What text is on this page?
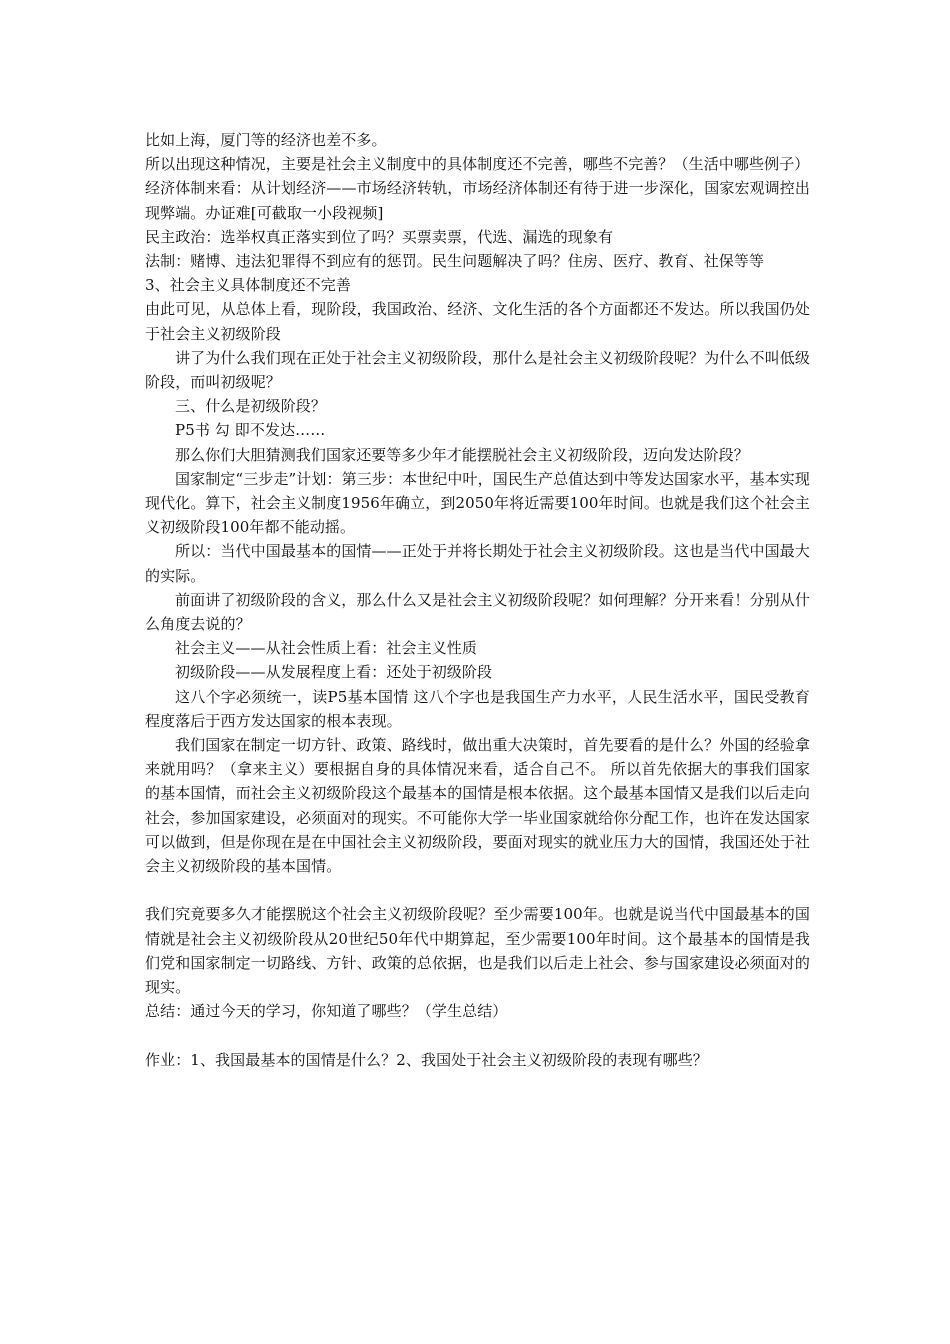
比如上海，厦门等的经济也差不多。

所以出现这种情况，主要是社会主义制度中的具体制度还不完善，哪些不完善？（生活中哪些例子）

经济体制来看：从计划经济——市场经济转轨，市场经济体制还有待于进一步深化，国家宏观调控出现弊端。办证难[可截取一小段视频]

民主政治：选举权真正落实到位了吗？买票卖票，代选、漏选的现象有

法制：赌博、违法犯罪得不到应有的惩罚。民生问题解决了吗？住房、医疗、教育、社保等等

3、社会主义具体制度还不完善

由此可见，从总体上看，现阶段，我国政治、经济、文化生活的各个方面都还不发达。所以我国仍处于社会主义初级阶段

讲了为什么我们现在正处于社会主义初级阶段，那什么是社会主义初级阶段呢？为什么不叫低级阶段，而叫初级呢？

三、什么是初级阶段？

P5书 勾 即不发达……

那么你们大胆猜测我们国家还要等多少年才能摆脱社会主义初级阶段，迈向发达阶段？

国家制定“三步走”计划：第三步：本世纪中叶，国民生产总值达到中等发达国家水平，基本实现现代化。算下，社会主义制度1956年确立，到2050年将近需要100年时间。也就是我们这个社会主义初级阶段100年都不能动摇。

所以：当代中国最基本的国情——正处于并将长期处于社会主义初级阶段。这也是当代中国最大的实际。

前面讲了初级阶段的含义，那么什么又是社会主义初级阶段呢？如何理解？分开来看！分别从什么角度去说的？

社会主义——从社会性质上看：社会主义性质

初级阶段——从发展程度上看：还处于初级阶段

这八个字必须统一，读P5基本国情 这八个字也是我国生产力水平，人民生活水平，国民受教育程度落后于西方发达国家的根本表现。

我们国家在制定一切方针、政策、路线时，做出重大决策时，首先要看的是什么？外国的经验拿来就用吗？（拿来主义）要根据自身的具体情况来看，适合自己不。 所以首先依据大的事我们国家的基本国情，而社会主义初级阶段这个最基本的国情是根本依据。这个最基本国情又是我们以后走向社会，参加国家建设，必须面对的现实。不可能你大学一毕业国家就给你分配工作，也许在发达国家可以做到，但是你现在是在中国社会主义初级阶段，要面对现实的就业压力大的国情，我国还处于社会主义初级阶段的基本国情。

我们究竟要多久才能摆脱这个社会主义初级阶段呢？至少需要100年。也就是说当代中国最基本的国情就是社会主义初级阶段从20世纪50年代中期算起，至少需要100年时间。这个最基本的国情是我们党和国家制定一切路线、方针、政策的总依据，也是我们以后走上社会、参与国家建设必须面对的现实。

总结：通过今天的学习，你知道了哪些？（学生总结）

作业：1、我国最基本的国情是什么？2、我国处于社会主义初级阶段的表现有哪些？
